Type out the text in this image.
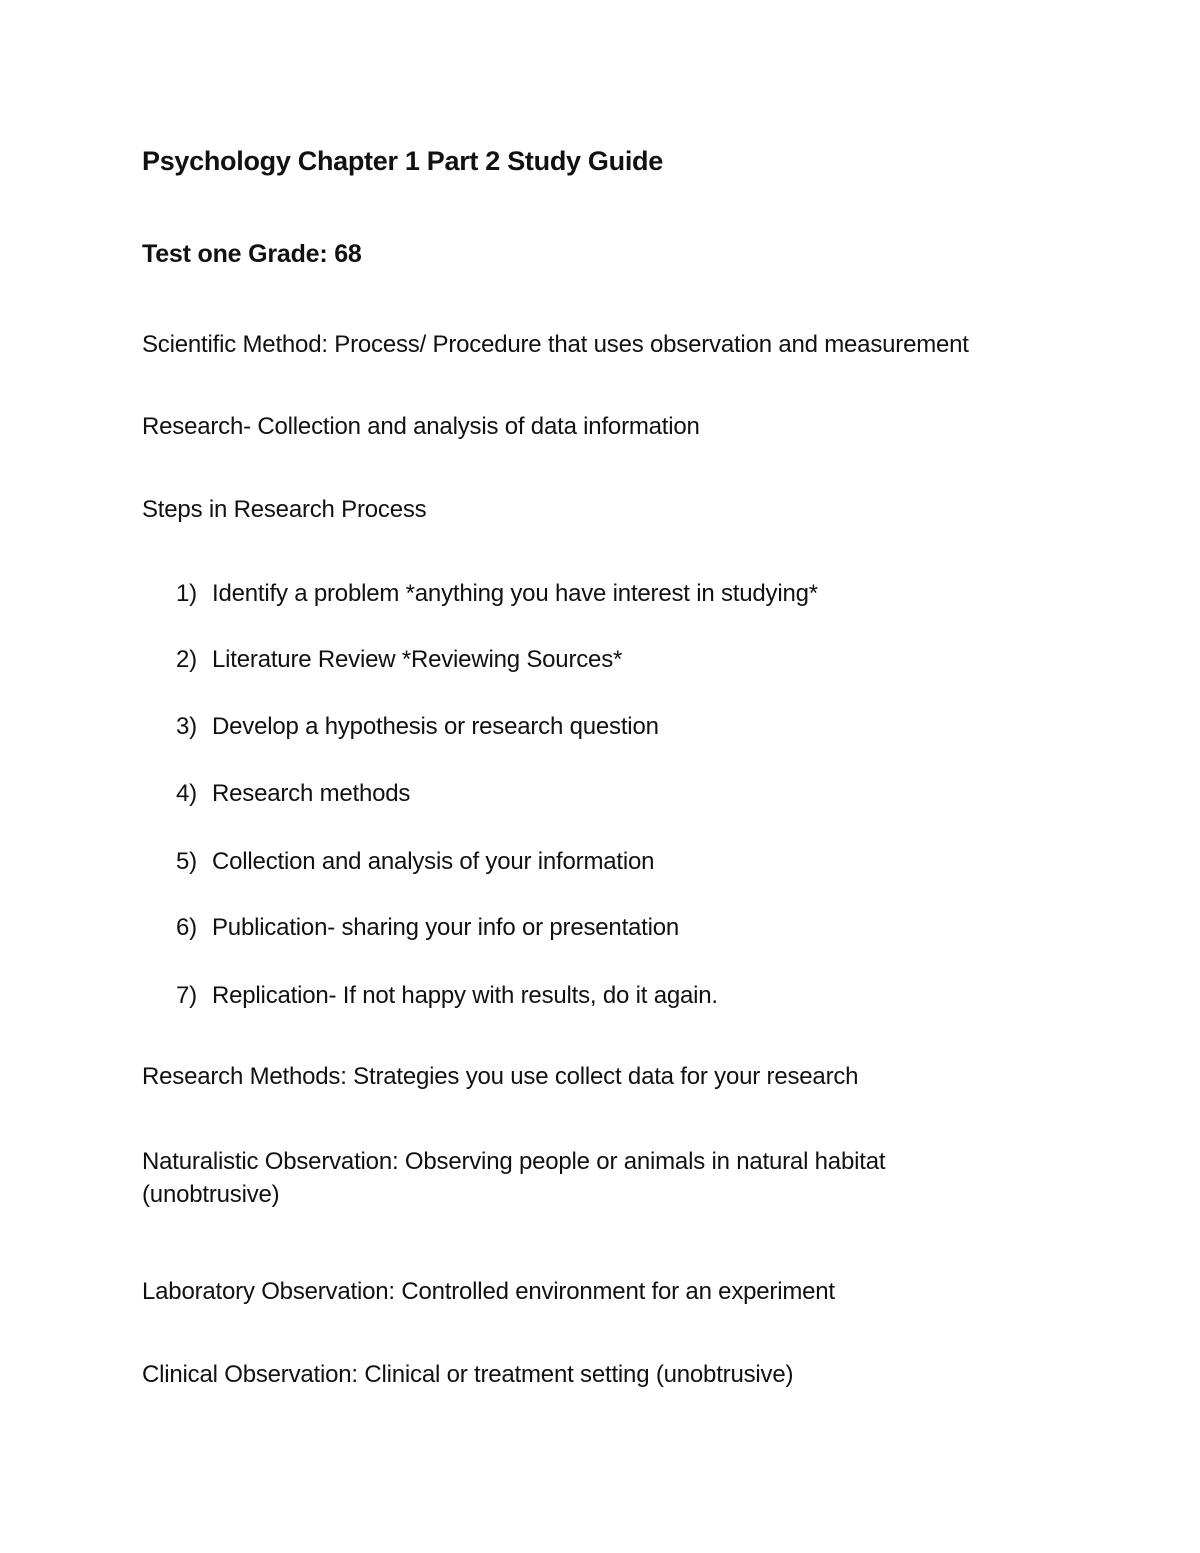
Psychology Chapter 1 Part 2 Study Guide
Test one Grade: 68
Scientific Method: Process/ Procedure that uses observation and measurement
Research- Collection and analysis of data information
Steps in Research Process
1) Identify a problem *anything you have interest in studying*
2) Literature Review *Reviewing Sources*
3) Develop a hypothesis or research question
4) Research methods
5) Collection and analysis of your information
6) Publication- sharing your info or presentation
7) Replication- If not happy with results, do it again.
Research Methods: Strategies you use collect data for your research
Naturalistic Observation: Observing people or animals in natural habitat (unobtrusive)
Laboratory Observation: Controlled environment for an experiment
Clinical Observation: Clinical or treatment setting (unobtrusive)
